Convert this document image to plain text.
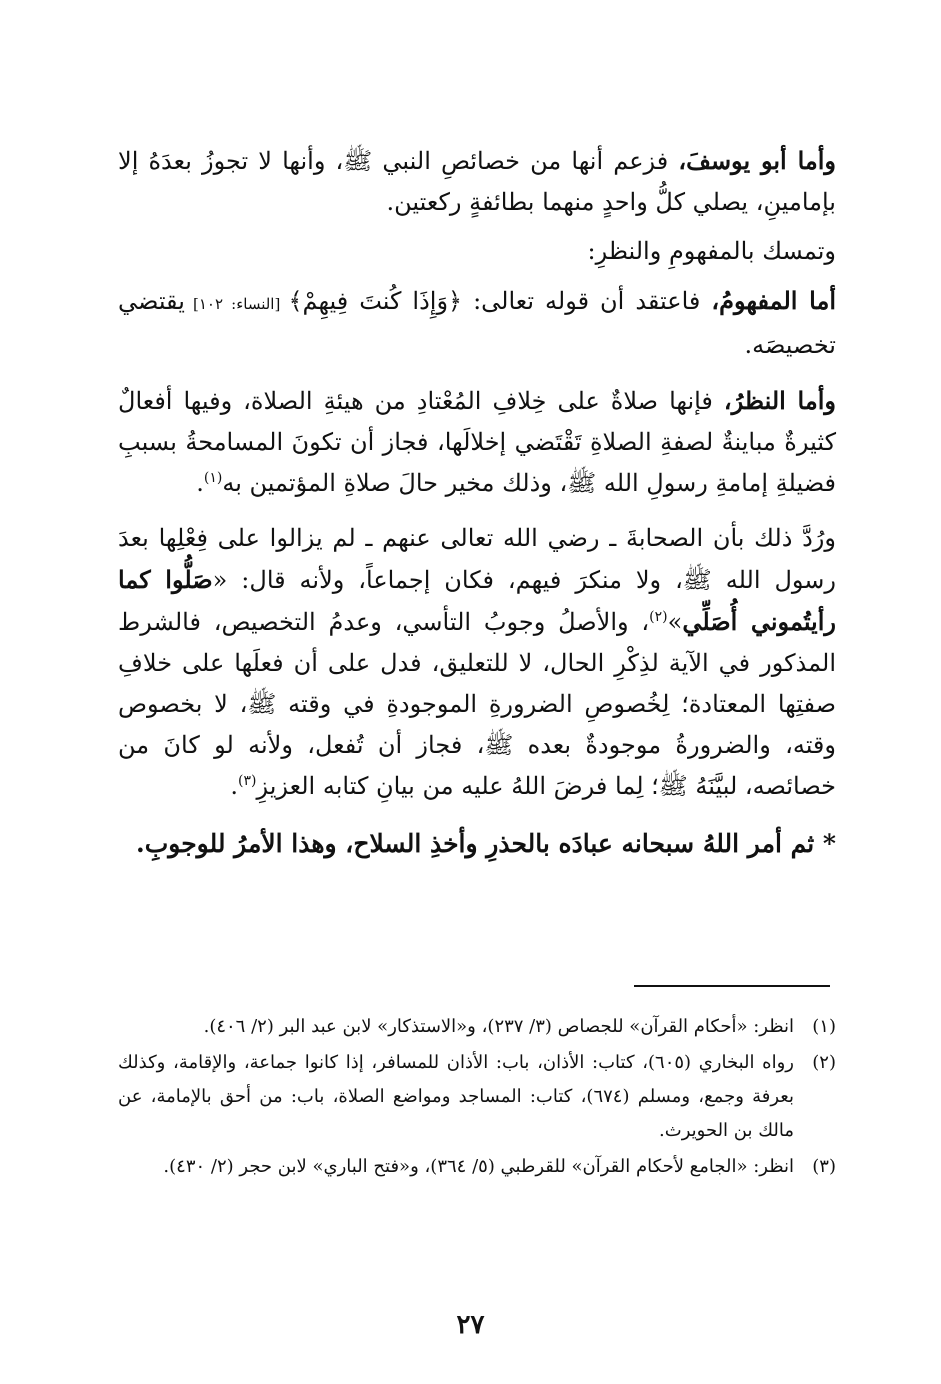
وأما أبو يوسفَ، فزعم أنها من خصائصِ النبي ﷺ، وأنها لا تجوزُ بعدَهُ إلا بإمامينِ، يصلي كلُّ واحدٍ منهما بطائفةٍ ركعتين.

وتمسك بالمفهومِ والنظرِ:

أما المفهومُ، فاعتقد أن قوله تعالى: ﴿وَإِذَا كُنتَ فِيهِمْ﴾ [النساء: ١٠٢] يقتضي تخصيصَه.

وأما النظرُ، فإنها صلاةٌ على خِلافِ المُعْتادِ من هيئةِ الصلاة، وفيها أفعالٌ كثيرةٌ مباينةٌ لصفةِ الصلاةِ تَقْتَضي إخلالَها، فجاز أن تكونَ المسامحةُ بسببِ فضيلةِ إمامةِ رسولِ الله ﷺ، وذلك مخير حالَ صلاةِ المؤتمين به$^{(١)}$.

ورُدَّ ذلك بأن الصحابةَ ـ رضي الله تعالى عنهم ـ لم يزالوا على فِعْلِها بعدَ رسول الله ﷺ، ولا منكرَ فيهم، فكان إجماعاً، ولأنه قال: «صَلُّوا كما رأيتُموني أُصَلِّي»$^{(٢)}$، والأصلُ وجوبُ التأسي، وعدمُ التخصيص، فالشرط المذكور في الآية لذِكْرِ الحال، لا للتعليق، فدل على أن فعلَها على خلافِ صفتِها المعتادة؛ لِخُصوصِ الضرورةِ الموجودةِ في وقته ﷺ، لا بخصوص وقته، والضرورةُ موجودةٌ بعده ﷺ، فجاز أن تُفعل، ولأنه لو كانَ من خصائصه، لبيَّنَهُ ﷺ؛ لِما فرضَ اللهُ عليه من بيانِ كتابه العزيزِ$^{(٣)}$.

* ثم أمر اللهُ سبحانه عبادَه بالحذرِ وأخذِ السلاح، وهذا الأمرُ للوجوبِ.

(١)
انظر: «أحكام القرآن» للجصاص (٣/ ٢٣٧)، و«الاستذكار» لابن عبد البر (٢/ ٤٠٦).
(٢)
رواه البخاري (٦٠٥)، كتاب: الأذان، باب: الأذان للمسافر، إذا كانوا جماعة، والإقامة، وكذلك بعرفة وجمع، ومسلم (٦٧٤)، كتاب: المساجد ومواضع الصلاة، باب: من أحق بالإمامة، عن مالك بن الحويرث.
(٣)
انظر: «الجامع لأحكام القرآن» للقرطبي (٥/ ٣٦٤)، و«فتح الباري» لابن حجر (٢/ ٤٣٠).
٢٧
